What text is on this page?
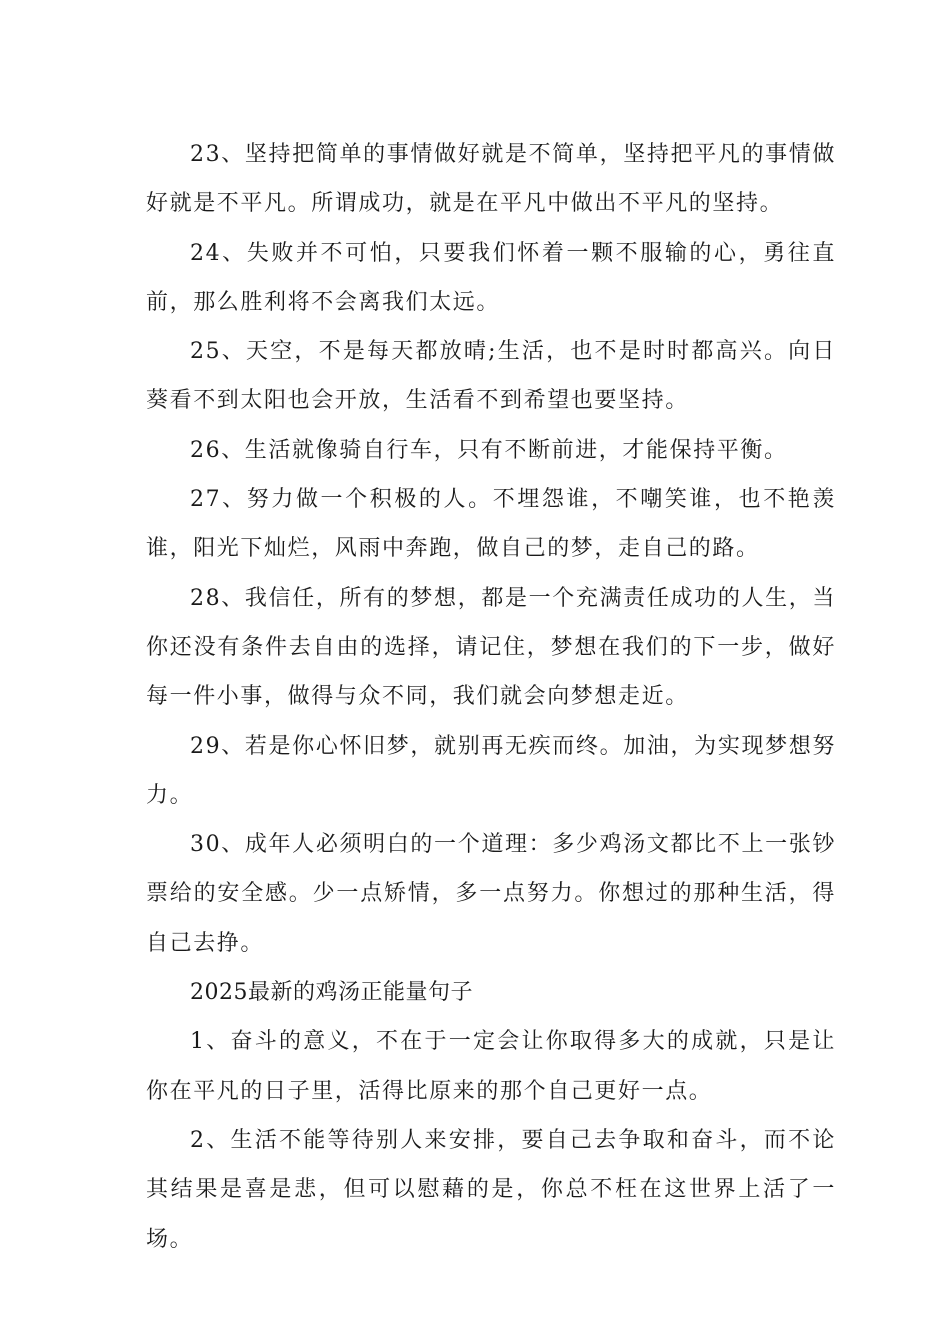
23、坚持把简单的事情做好就是不简单，坚持把平凡的事情做好就是不平凡。所谓成功，就是在平凡中做出不平凡的坚持。

24、失败并不可怕，只要我们怀着一颗不服输的心，勇往直前，那么胜利将不会离我们太远。

25、天空，不是每天都放晴;生活，也不是时时都高兴。向日葵看不到太阳也会开放，生活看不到希望也要坚持。

26、生活就像骑自行车，只有不断前进，才能保持平衡。

27、努力做一个积极的人。不埋怨谁，不嘲笑谁，也不艳羡谁，阳光下灿烂，风雨中奔跑，做自己的梦，走自己的路。

28、我信任，所有的梦想，都是一个充满责任成功的人生，当你还没有条件去自由的选择，请记住，梦想在我们的下一步，做好每一件小事，做得与众不同，我们就会向梦想走近。

29、若是你心怀旧梦，就别再无疾而终。加油，为实现梦想努力。

30、成年人必须明白的一个道理：多少鸡汤文都比不上一张钞票给的安全感。少一点矫情，多一点努力。你想过的那种生活，得自己去挣。

2025最新的鸡汤正能量句子

1、奋斗的意义，不在于一定会让你取得多大的成就，只是让你在平凡的日子里，活得比原来的那个自己更好一点。

2、生活不能等待别人来安排，要自己去争取和奋斗，而不论其结果是喜是悲，但可以慰藉的是，你总不枉在这世界上活了一场。
